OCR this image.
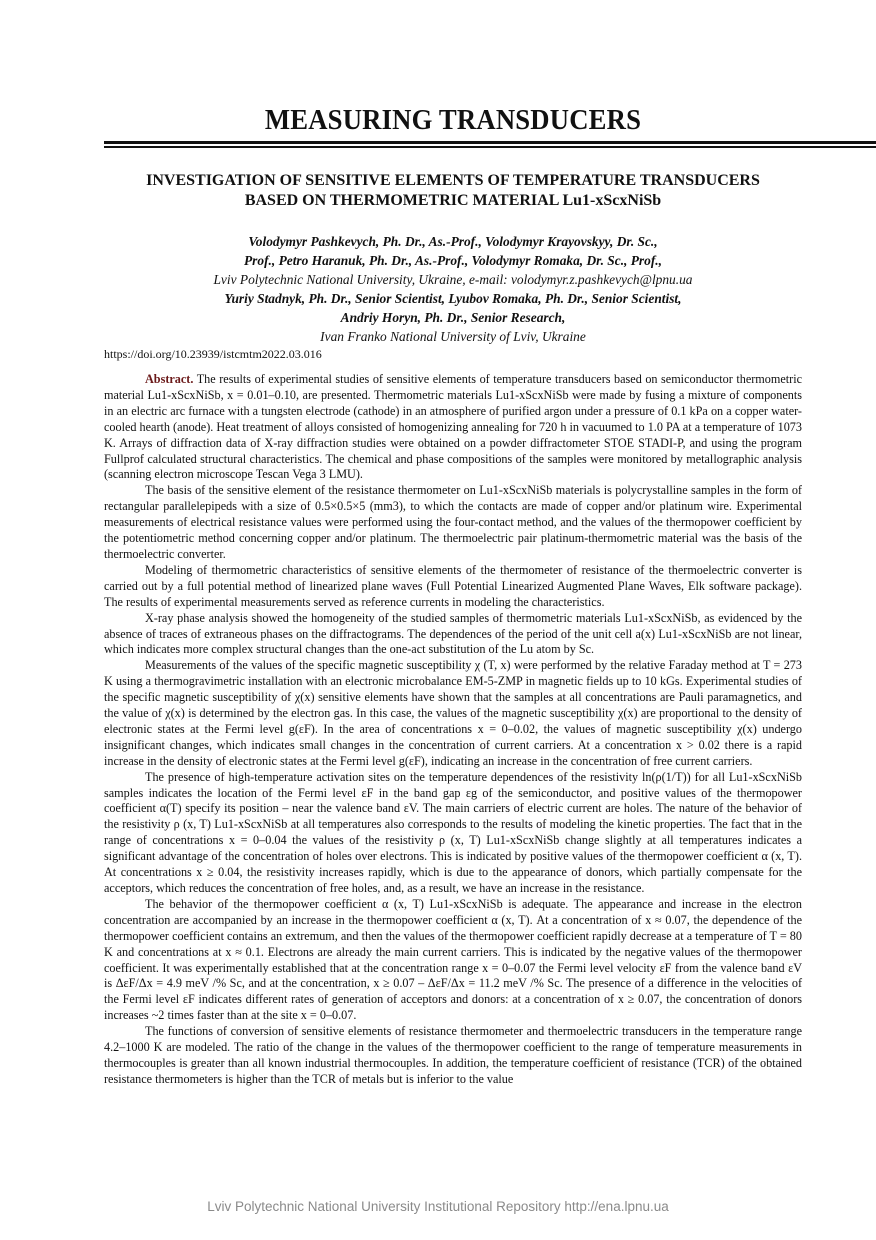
MEASURING TRANSDUCERS
INVESTIGATION OF SENSITIVE ELEMENTS OF TEMPERATURE TRANSDUCERS
BASED ON THERMOMETRIC MATERIAL Lu1-xScxNiSb
Volodymyr Pashkevych, Ph. Dr., As.-Prof., Volodymyr Krayovskyy, Dr. Sc.,
Prof., Petro Haranuk, Ph. Dr., As.-Prof., Volodymyr Romaka, Dr. Sc., Prof.,
Lviv Polytechnic National University, Ukraine, e-mail: volodymyr.z.pashkevych@lpnu.ua
Yuriy Stadnyk, Ph. Dr., Senior Scientist, Lyubov Romaka, Ph. Dr., Senior Scientist,
Andriy Horyn, Ph. Dr., Senior Research,
Ivan Franko National University of Lviv, Ukraine
https://doi.org/10.23939/istcmtm2022.03.016

Abstract. The results of experimental studies of sensitive elements of temperature transducers based on semiconductor thermometric material Lu1-xScxNiSb, x = 0.01–0.10, are presented. Thermometric materials Lu1-xScxNiSb were made by fusing a mixture of components in an electric arc furnace with a tungsten electrode (cathode) in an atmosphere of purified argon under a pressure of 0.1 kPa on a copper water-cooled hearth (anode). Heat treatment of alloys consisted of homogenizing annealing for 720 h in vacuumed to 1.0 PA at a temperature of 1073 K. Arrays of diffraction data of X-ray diffraction studies were obtained on a powder diffractometer STOE STADI-P, and using the program Fullprof calculated structural characteristics. The chemical and phase compositions of the samples were monitored by metallographic analysis (scanning electron microscope Tescan Vega 3 LMU).

The basis of the sensitive element of the resistance thermometer on Lu1-xScxNiSb materials is polycrystalline samples in the form of rectangular parallelepipeds with a size of 0.5×0.5×5 (mm3), to which the contacts are made of copper and/or platinum wire. Experimental measurements of electrical resistance values were performed using the four-contact method, and the values of the thermopower coefficient by the potentiometric method concerning copper and/or platinum. The thermoelectric pair platinum-thermometric material was the basis of the thermoelectric converter.

Modeling of thermometric characteristics of sensitive elements of the thermometer of resistance of the thermoelectric converter is carried out by a full potential method of linearized plane waves (Full Potential Linearized Augmented Plane Waves, Elk software package). The results of experimental measurements served as reference currents in modeling the characteristics.

X-ray phase analysis showed the homogeneity of the studied samples of thermometric materials Lu1-xScxNiSb, as evidenced by the absence of traces of extraneous phases on the diffractograms. The dependences of the period of the unit cell a(x) Lu1-xScxNiSb are not linear, which indicates more complex structural changes than the one-act substitution of the Lu atom by Sc.

Measurements of the values of the specific magnetic susceptibility χ (T, x) were performed by the relative Faraday method at T = 273 K using a thermogravimetric installation with an electronic microbalance EM-5-ZMP in magnetic fields up to 10 kGs. Experimental studies of the specific magnetic susceptibility of χ(x) sensitive elements have shown that the samples at all concentrations are Pauli paramagnetics, and the value of χ(x) is determined by the electron gas. In this case, the values of the magnetic susceptibility χ(x) are proportional to the density of electronic states at the Fermi level g(εF). In the area of concentrations x = 0–0.02, the values of magnetic susceptibility χ(x) undergo insignificant changes, which indicates small changes in the concentration of current carriers. At a concentration x > 0.02 there is a rapid increase in the density of electronic states at the Fermi level g(εF), indicating an increase in the concentration of free current carriers.

The presence of high-temperature activation sites on the temperature dependences of the resistivity ln(ρ(1/T)) for all Lu1-xScxNiSb samples indicates the location of the Fermi level εF in the band gap εg of the semiconductor, and positive values of the thermopower coefficient α(T) specify its position – near the valence band εV. The main carriers of electric current are holes. The nature of the behavior of the resistivity ρ (x, T) Lu1-xScxNiSb at all temperatures also corresponds to the results of modeling the kinetic properties. The fact that in the range of concentrations x = 0–0.04 the values of the resistivity ρ (x, T) Lu1-xScxNiSb change slightly at all temperatures indicates a significant advantage of the concentration of holes over electrons. This is indicated by positive values of the thermopower coefficient α (x, T). At concentrations x ≥ 0.04, the resistivity increases rapidly, which is due to the appearance of donors, which partially compensate for the acceptors, which reduces the concentration of free holes, and, as a result, we have an increase in the resistance.

The behavior of the thermopower coefficient α (x, T) Lu1-xScxNiSb is adequate. The appearance and increase in the electron concentration are accompanied by an increase in the thermopower coefficient α (x, T). At a concentration of x ≈ 0.07, the dependence of the thermopower coefficient contains an extremum, and then the values of the thermopower coefficient rapidly decrease at a temperature of T = 80 K and concentrations at x ≈ 0.1. Electrons are already the main current carriers. This is indicated by the negative values of the thermopower coefficient. It was experimentally established that at the concentration range x = 0–0.07 the Fermi level velocity εF from the valence band εV is ΔεF/Δx = 4.9 meV /% Sc, and at the concentration, x ≥ 0.07 – ΔεF/Δx = 11.2 meV /% Sc. The presence of a difference in the velocities of the Fermi level εF indicates different rates of generation of acceptors and donors: at a concentration of x ≥ 0.07, the concentration of donors increases ~2 times faster than at the site x = 0–0.07.

The functions of conversion of sensitive elements of resistance thermometer and thermoelectric transducers in the temperature range 4.2–1000 K are modeled. The ratio of the change in the values of the thermopower coefficient to the range of temperature measurements in thermocouples is greater than all known industrial thermocouples. In addition, the temperature coefficient of resistance (TCR) of the obtained resistance thermometers is higher than the TCR of metals but is inferior to the value

Lviv Polytechnic National University Institutional Repository http://ena.lpnu.ua
